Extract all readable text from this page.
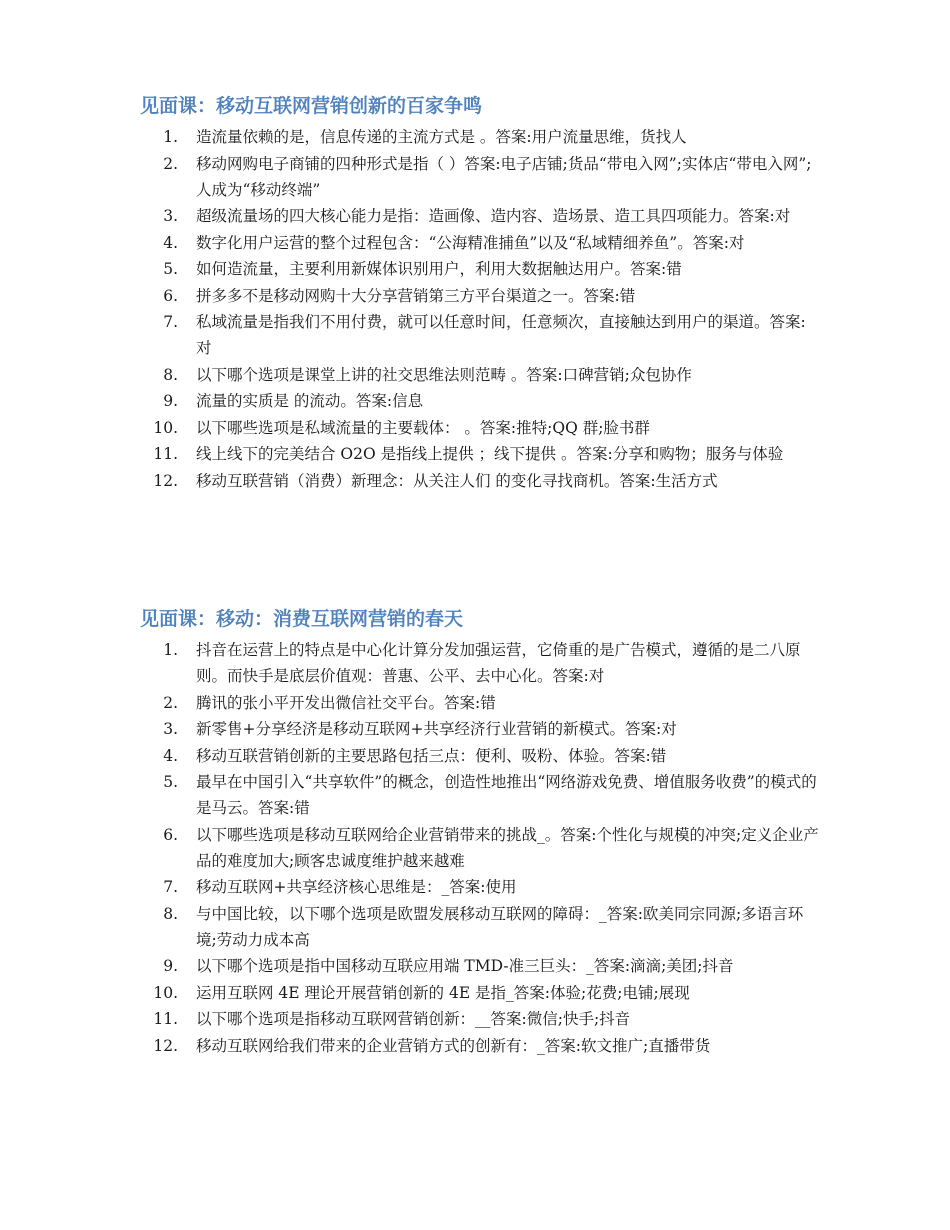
见面课：移动互联网营销创新的百家争鸣
1. 造流量依赖的是，信息传递的主流方式是 。答案:用户流量思维，货找人
2. 移动网购电子商铺的四种形式是指（ ）答案:电子店铺;货品“带电入网”;实体店“带电入网”;人成为“移动终端”
3. 超级流量场的四大核心能力是指：造画像、造内容、造场景、造工具四项能力。答案:对
4. 数字化用户运营的整个过程包含：“公海精准捕鱼”以及“私域精细养鱼”。答案:对
5. 如何造流量，主要利用新媒体识别用户，利用大数据触达用户。答案:错
6. 拼多多不是移动网购十大分享营销第三方平台渠道之一。答案:错
7. 私域流量是指我们不用付费，就可以任意时间，任意频次，直接触达到用户的渠道。答案:对
8. 以下哪个选项是课堂上讲的社交思维法则范畴 。答案:口碑营销;众包协作
9. 流量的实质是 的流动。答案:信息
10. 以下哪些选项是私域流量的主要载体： 。答案:推特;QQ 群;脸书群
11. 线上线下的完美结合 O2O 是指线上提供 ；线下提供 。答案:分享和购物；服务与体验
12. 移动互联营销（消费）新理念：从关注人们 的变化寻找商机。答案:生活方式
见面课：移动：消费互联网营销的春天
1. 抖音在运营上的特点是中心化计算分发加强运营，它倚重的是广告模式，遵循的是二八原则。而快手是底层价值观：普惠、公平、去中心化。答案:对
2. 腾讯的张小平开发出微信社交平台。答案:错
3. 新零售+分享经济是移动互联网+共享经济行业营销的新模式。答案:对
4. 移动互联营销创新的主要思路包括三点：便利、吸粉、体验。答案:错
5. 最早在中国引入“共享软件”的概念，创造性地推出“网络游戏免费、增值服务收费”的模式的是马云。答案:错
6. 以下哪些选项是移动互联网给企业营销带来的挑战_。答案:个性化与规模的冲突;定义企业产品的难度加大;顾客忠诚度维护越来越难
7. 移动互联网+共享经济核心思维是：_答案:使用
8. 与中国比较，以下哪个选项是欧盟发展移动互联网的障碍：_答案:欧美同宗同源;多语言环境;劳动力成本高
9. 以下哪个选项是指中国移动互联应用端 TMD-准三巨头：_答案:滴滴;美团;抖音
10. 运用互联网 4E 理论开展营销创新的 4E 是指_答案:体验;花费;电铺;展现
11. 以下哪个选项是指移动互联网营销创新：__答案:微信;快手;抖音
12. 移动互联网给我们带来的企业营销方式的创新有：_答案:软文推广;直播带货
